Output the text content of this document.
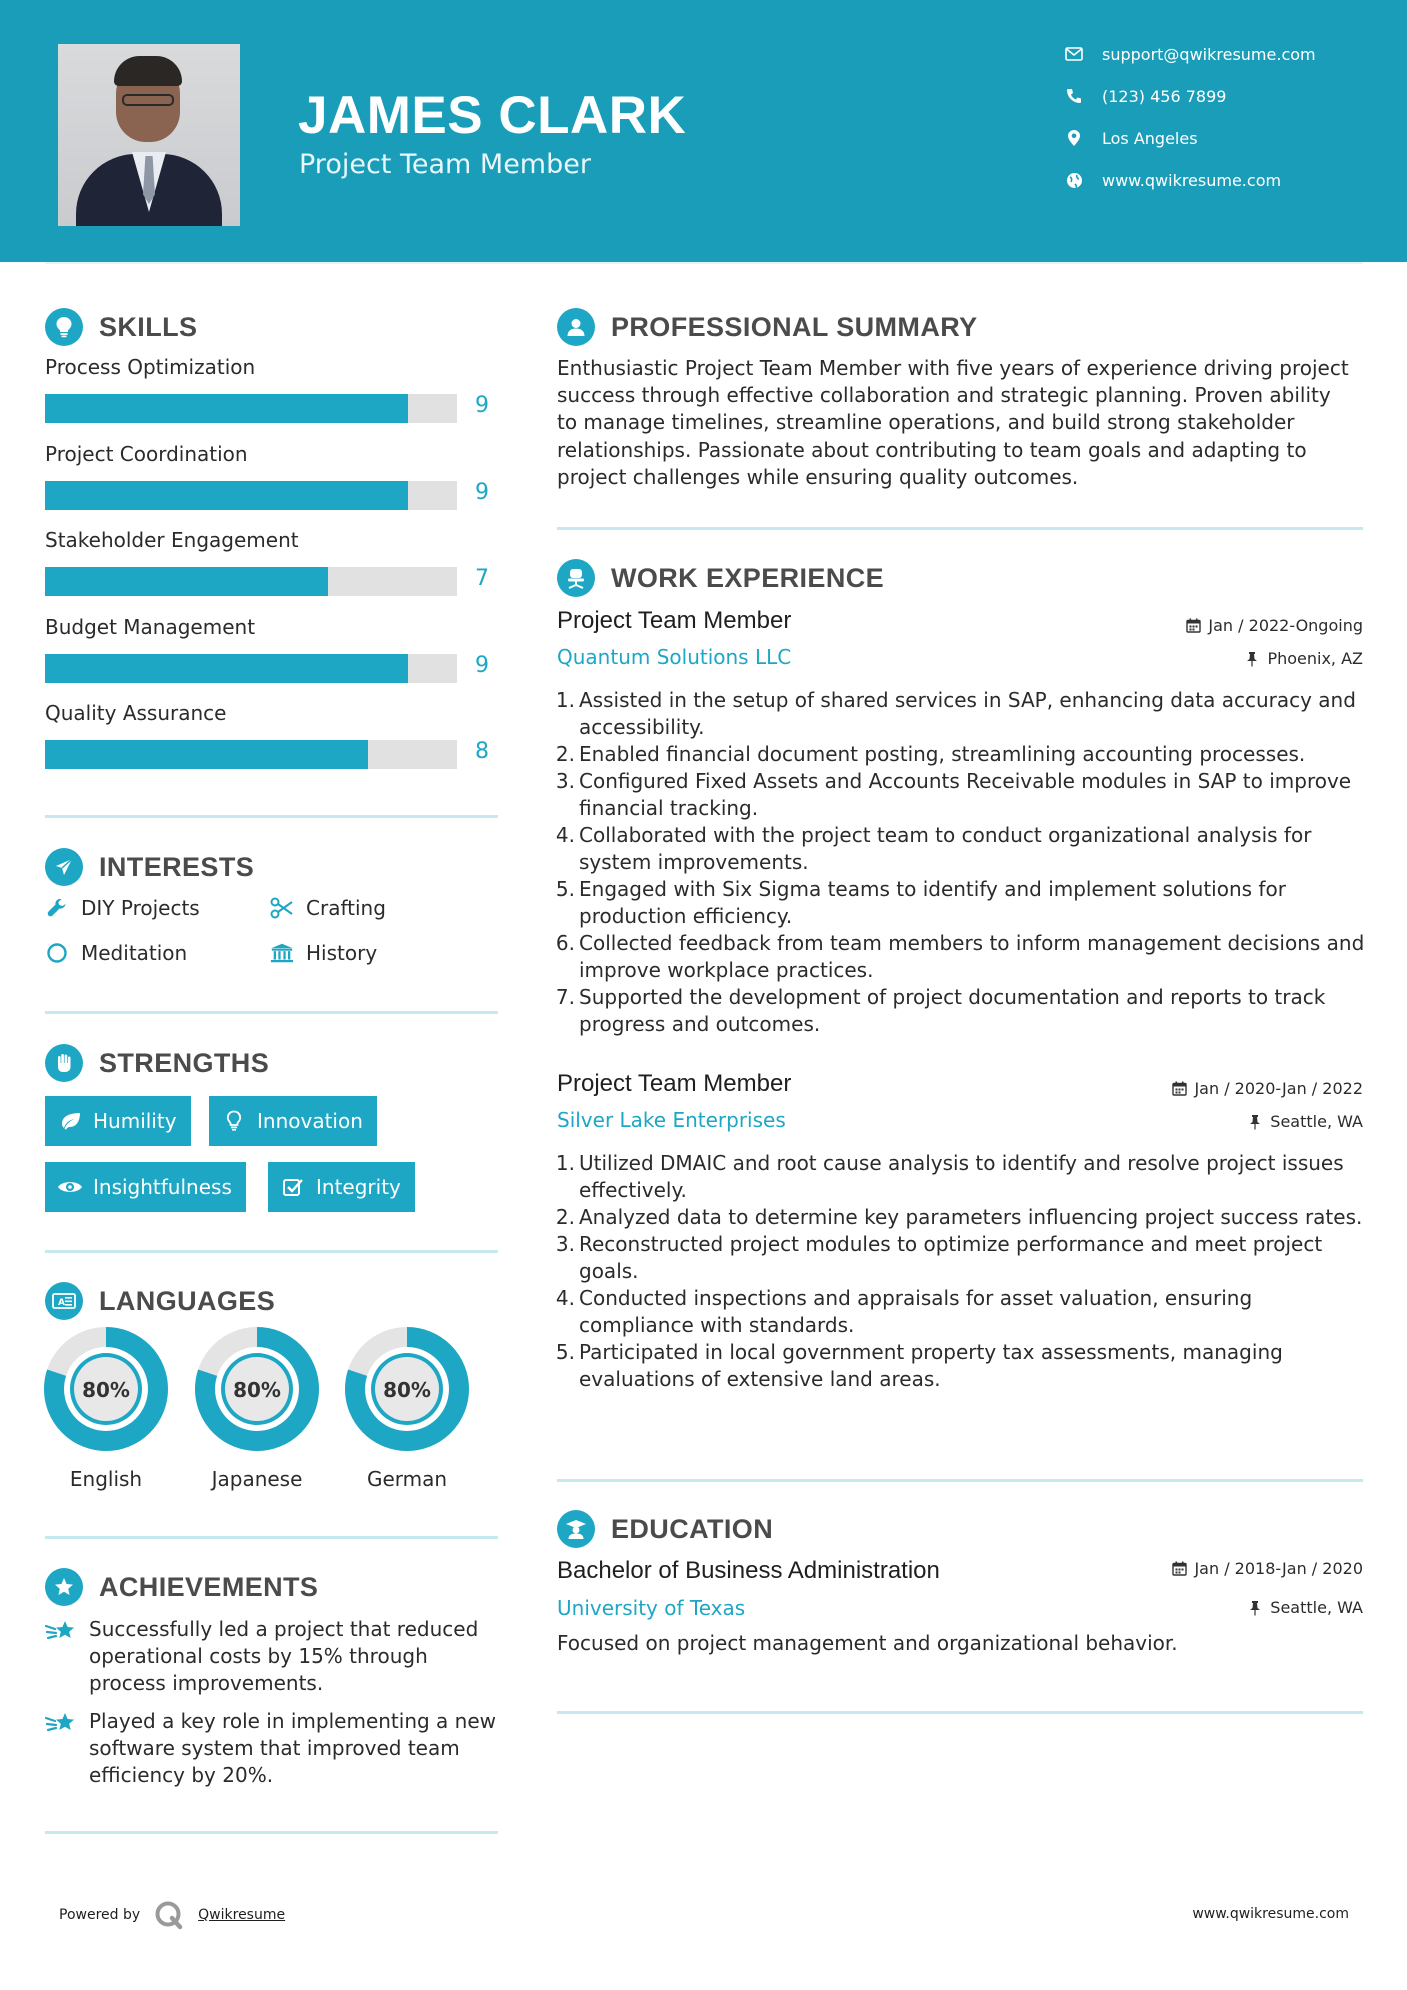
JAMES CLARK
Project Team Member
support@qwikresume.com
(123) 456 7899
Los Angeles
www.qwikresume.com
SKILLS
Process Optimization
9
Project Coordination
9
Stakeholder Engagement
7
Budget Management
9
Quality Assurance
8
INTERESTS
DIY Projects	Crafting
Meditation	History
STRENGTHS
Humility	Innovation
Insightfulness	Integrity
A LANGUAGES
80%
English
80%
Japanese
80%
German
ACHIEVEMENTS
Successfully led a project that reduced operational costs by 15% through process improvements.
Played a key role in implementing a new software system that improved team efficiency by 20%.
PROFESSIONAL SUMMARY
Enthusiastic Project Team Member with five years of experience driving project success through effective collaboration and strategic planning. Proven ability to manage timelines, streamline operations, and build strong stakeholder relationships. Passionate about contributing to team goals and adapting to project challenges while ensuring quality outcomes.
WORK EXPERIENCE
Project Team Member	Jan / 2022-Ongoing
Quantum Solutions LLC	Phoenix, AZ
1. Assisted in the setup of shared services in SAP, enhancing data accuracy and accessibility.
2. Enabled financial document posting, streamlining accounting processes.
3. Configured Fixed Assets and Accounts Receivable modules in SAP to improve financial tracking.
4. Collaborated with the project team to conduct organizational analysis for system improvements.
5. Engaged with Six Sigma teams to identify and implement solutions for production efficiency.
6. Collected feedback from team members to inform management decisions and improve workplace practices.
7. Supported the development of project documentation and reports to track progress and outcomes.
Project Team Member	Jan / 2020-Jan / 2022
Silver Lake Enterprises	Seattle, WA
1. Utilized DMAIC and root cause analysis to identify and resolve project issues effectively.
2. Analyzed data to determine key parameters influencing project success rates.
3. Reconstructed project modules to optimize performance and meet project goals.
4. Conducted inspections and appraisals for asset valuation, ensuring compliance with standards.
5. Participated in local government property tax assessments, managing evaluations of extensive land areas.
EDUCATION
Bachelor of Business Administration	Jan / 2018-Jan / 2020
University of Texas	Seattle, WA
Focused on project management and organizational behavior.
Powered by	Qwikresume	www.qwikresume.com
